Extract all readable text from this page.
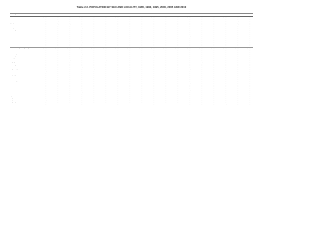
Table 2.3. POPULATION BY SEX AND LOCALITY, 1985, 1990, 1995, 2000, 2005 AND 2010
	1985			1990			1995			2000			2005			2010		
Locality	Both Sexes	Females	Males	Both Sexes	Females	Males	Both Sexes	Females	Males	Both Sexes	Females	Males	Both Sexes	Females	Males	Both Sexes	Females	Males
Manila	1,630,485	821,064	809,421	1,601,234	817,503	783,731	1,654,761	842,289	812,472	1,581,082	806,251	774,831	1,660,714	843,568	817,146	1,652,171	833,890	818,281
Tondo	573,022	288,456	284,566	564,610	287,891	276,719	589,418	299,552	289,866	580,122	297,020	283,102	608,734	310,188	298,546	620,344	314,920	305,424
Binondo	16,218	8,118	8,100	15,106	7,567	7,539	14,822	7,456	7,366	12,826	6,430	6,396	12,600	6,328	6,272	12,985	6,511	6,474
Quiapo	24,442	12,220	12,222	22,890	11,454	11,436	24,886	12,480	12,406	23,138	11,577	11,561	24,416	12,230	12,186	24,886	12,431	12,455
San Nicolas	44,224	22,112	22,112	42,390	21,212	21,178	45,186	22,636	22,550	44,241	22,150	22,091	43,964	22,018	21,946	44,241	22,118	22,123
Santa Cruz	118,416	59,886	58,530	112,226	56,812	55,414	117,984	59,732	58,252	111,952	56,690	55,262	115,822	58,612	57,210	115,747	58,588	57,159
Sampaloc	264,410	134,512	129,898	258,116	131,318	126,798	261,840	133,198	128,642	241,528	122,904	118,624	254,316	129,404	124,912	241,528	122,871	118,657
San Miguel	20,812	10,406	10,406	17,996	9,004	8,992	20,034	10,022	10,012	18,599	9,306	9,293	16,614	8,310	8,304	15,992	7,999	7,993
Ermita	11,218	5,608	5,610	9,996	4,998	4,998	9,106	4,562	4,544	7,399	3,702	3,697	9,604	4,804	4,800	7,143	3,574	3,569
Intramuros	7,418	3,702	3,716	6,512	3,254	3,258	6,012	3,004	3,008	4,925	2,462	2,463	5,218	2,608	2,610	4,925	2,461	2,464
Malate	92,418	46,512	45,906	88,884	44,726	44,158	91,822	46,204	45,618	86,854	43,700	43,154	89,110	44,832	44,278	77,513	38,996	38,517
Paco	76,212	38,512	37,700	74,616	37,694	36,922	72,440	36,604	35,836	70,978	35,852	35,126	74,002	37,378	36,624	70,978	35,851	35,127
Pandacan	80,526	40,664	39,862	78,012	39,398	38,614	81,006	40,898	40,108	76,134	38,444	37,690	78,212	39,500	38,712	73,895	37,318	36,577
Port Area	46,210	22,812	23,398	47,118	23,402	23,716	51,808	25,706	26,102	48,684	24,148	24,536	56,016	27,786	28,230	57,665	28,593	29,072
Santa Ana	162,418	82,016	80,402	158,996	80,286	78,710	164,402	83,006	81,396	156,414	78,998	77,416	161,218	81,414	79,804	166,656	84,150	82,506
Santa Mesa	92,521	46,008	46,513	103,766	52,487	51,279	103,995	52,229	51,766	97,288	49,038	48,250	110,868	55,956	54,912	117,673	59,159	58,514
South Metropolitan (SMR)	2,826,612	1,420,488	1,406,124	3,162,814	1,590,906	1,571,908	3,468,228	1,744,208	1,724,020	3,816,142	1,918,966	1,897,176	4,104,712	2,063,498	2,041,214	4,354,808	2,188,420	2,166,388
Las Piñas	213,924	107,512	106,412	296,620	149,014	147,606	413,086	207,612	205,474	472,780	237,634	235,146	528,012	265,388	262,624	552,573	277,698	274,875
Makati	444,867	229,244	215,623	453,170	233,398	219,772	484,176	249,412	234,764	444,867	229,070	215,797	510,383	262,866	247,517	529,039	272,406	256,633
Muntinlupa	215,612	108,398	107,214	278,411	139,982	138,429	399,846	201,012	198,834	379,310	190,714	188,596	452,943	227,716	225,227	459,941	231,206	228,735
Parañaque	252,418	126,898	125,520	308,236	154,988	153,248	391,296	196,716	194,580	449,811	226,138	223,673	552,660	277,838	274,822	588,126	295,628	292,498
Pasay	357,612	179,804	177,808	368,366	185,212	183,154	408,610	205,452	203,158	354,908	178,448	176,460	407,352	204,812	202,540	392,869	197,514	195,355
Pateros	48,412	24,298	24,114	51,409	25,798	25,611	55,286	27,752	27,534	57,407	28,816	28,591	61,940	31,094	30,846	64,147	32,194	31,953
Taguig	222,418	111,698	110,720	266,637	133,922	132,715	381,350	191,558	189,792	467,375	234,804	232,571	613,343	308,114	305,229	644,473	323,754	320,719
Bicutan	84,212	42,310	41,902	92,418	46,426	45,992	101,716	51,102	50,614	112,822	56,690	56,132	121,498	61,028	60,470	128,212	64,412	63,800
Alabang	98,316	49,398	48,918	106,844	53,686	53,158	118,012	59,294	58,718	126,618	63,620	62,998	135,002	67,830	67,172	141,316	71,002	70,314
Sucat	76,412	38,398	38,014	84,116	42,262	41,854	92,318	46,386	45,932	100,614	50,552	50,062	108,226	54,380	53,846	114,018	57,288	56,730
Bagumbayan	58,214	29,246	28,968	63,918	32,116	31,802	70,012	35,178	34,834	76,418	38,396	38,022	82,116	41,258	40,858	86,812	43,618	43,194
Tunasan	42,118	21,162	20,956	46,212	23,218	22,994	50,816	25,532	25,284	55,318	27,794	27,524	59,612	29,952	29,660	63,118	31,712	31,406
Putatan	38,612	19,398	19,214	42,818	21,514	21,304	46,912	23,570	23,342	51,214	25,732	25,482	55,018	27,644	27,374	58,216	29,250	28,966
Cupang	32,418	16,288	16,130	35,912	18,044	17,868	39,614	19,904	19,710	43,212	21,712	21,500	46,816	23,522	23,294	49,418	24,830	24,588
San Dionisio	29,612	14,878	14,734	32,818	16,488	16,330	36,012	18,094	17,918	39,316	19,754	19,562	42,618	21,414	21,204	45,012	22,616	22,396
Moonwalk	26,218	13,172	13,046	29,014	14,578	14,436	31,918	16,036	15,882	34,812	17,490	17,322	37,614	18,898	18,716	39,818	20,006	19,812
Sun Valley	22,914	11,512	11,402	25,418	12,770	12,648	27,812	13,974	13,838	30,416	15,282	15,134	32,918	16,538	16,380	34,812	17,490	17,322
Don Bosco	19,612	9,854	9,758	21,716	10,910	10,806	23,818	11,966	11,852	26,012	13,070	12,942	28,116	14,126	13,990	29,812	14,978	14,834
Merville	16,418	8,248	8,170	18,212	9,150	9,062	19,916	10,006	9,910	21,714	10,910	10,804	23,518	11,816	11,702	24,912	12,516	12,396
Tambo	14,212	7,140	7,072	15,718	7,896	7,822	17,214	8,648	8,566	18,812	9,452	9,360	20,316	10,208	10,108	21,514	10,810	10,704
Baclaran	12,018	6,038	5,980	13,316	6,690	6,626	14,612	7,342	7,270	15,918	7,998	7,920	17,214	8,648	8,566	18,218	9,154	9,064
Vitalez	9,814	4,930	4,884	10,912	5,482	5,430	11,918	5,988	5,930	13,012	6,538	6,474	14,116	7,092	7,024	14,918	7,496	7,422
Sto. Niño	8,212	4,126	4,086	9,116	4,580	4,536	9,918	4,982	4,936	10,816	5,434	5,382	11,712	5,884	5,828	12,418	6,238	6,180
Marcelo Green	6,918	3,476	3,442	7,612	3,824	3,788	8,314	4,176	4,138	9,018	4,530	4,488	9,812	4,930	4,882	10,412	5,232	5,180
Tipas	5,412	2,718	2,694	6,018	3,024	2,994	6,612	3,322	3,290	7,214	3,624	3,590	7,812	3,924	3,888	8,316	4,178	4,138
Ibayo	4,218	2,120	2,098	4,612	2,318	2,294	5,018	2,522	2,496	5,512	2,770	2,742	5,918	2,974	2,944	6,314	3,172	3,142
Napindan	3,114	1,564	1,550	3,418	1,718	1,700	3,712	1,866	1,846	4,016	2,018	1,998	4,318	2,170	2,148	4,612	2,318	2,294
Hagonoy	2,418	1,214	1,204	2,612	1,312	1,300	2,818	1,416	1,402	3,012	1,514	1,498	3,218	1,616	1,602	3,412	1,714	1,698
Others	1,612	810	802	1,718	864	854	1,812	910	902	1,914	962	952	2,018	1,014	1,004	2,112	1,062	1,050
